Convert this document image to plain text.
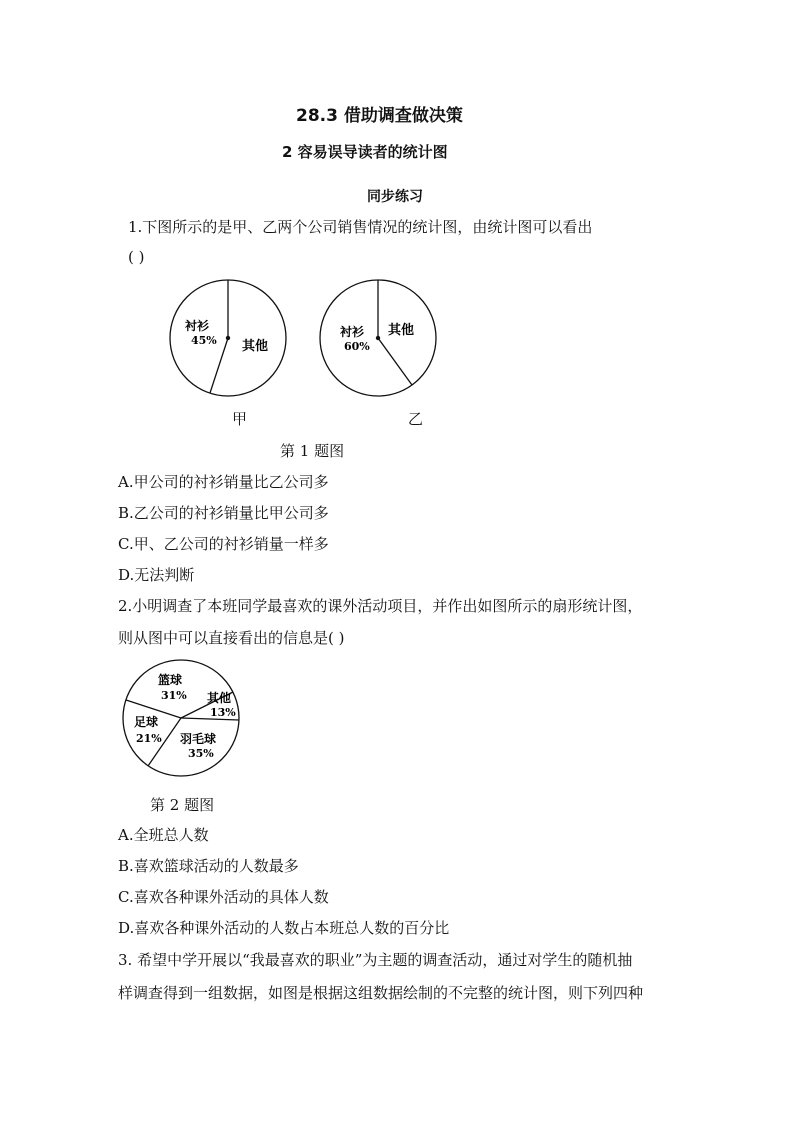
28.3 借助调查做决策
2 容易误导读者的统计图
同步练习
1.下图所示的是甲、乙两个公司销售情况的统计图，由统计图可以看出
( )
衬衫
45% 其他
甲
衬衫
60%
其他
乙
第 1 题图
A.甲公司的衬衫销量比乙公司多
B.乙公司的衬衫销量比甲公司多
C.甲、乙公司的衬衫销量一样多
D.无法判断
2.小明调查了本班同学最喜欢的课外活动项目，并作出如图所示的扇形统计图，
则从图中可以直接看出的信息是( )
篮球
31% 其他
13%
羽毛球
35%
足球
21%
第 2 题图
A.全班总人数
B.喜欢篮球活动的人数最多
C.喜欢各种课外活动的具体人数
D.喜欢各种课外活动的人数占本班总人数的百分比
3. 希望中学开展以“我最喜欢的职业”为主题的调查活动，通过对学生的随机抽
样调查得到一组数据，如图是根据这组数据绘制的不完整的统计图，则下列四种
